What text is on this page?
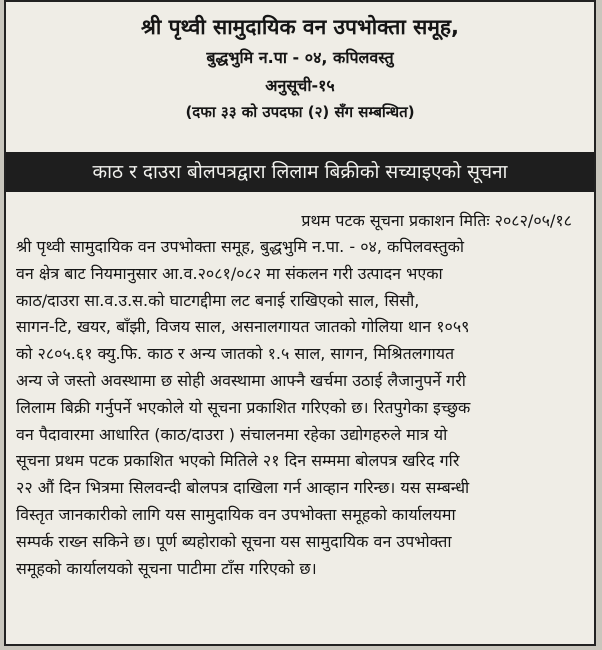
श्री पृथ्वी सामुदायिक वन उपभोक्ता समूह,
बुद्धभुमि न.पा - ०४, कपिलवस्तु
अनुसूची-१५
(दफा ३३ को उपदफा (२) सँग सम्बन्धित)
काठ र दाउरा बोलपत्रद्वारा लिलाम बिक्रीको सच्याइएको सूचना
प्रथम पटक सूचना प्रकाशन मितिः २०८२/०५/१८
श्री पृथ्वी सामुदायिक वन उपभोक्ता समूह, बुद्धभुमि न.पा. - ०४, कपिलवस्तुको
वन क्षेत्र बाट नियमानुसार आ.व.२०८१/०८२ मा संकलन गरी उत्पादन भएका
काठ/दाउरा सा.व.उ.स.को घाटगद्दीमा लट बनाई राखिएको साल, सिसौ,
सागन-टि, खयर, बाँझी, विजय साल, असनालगायत जातको गोलिया थान १०५९
को २८०५.६१ क्यु.फि. काठ र अन्य जातको १.५ साल, सागन, मिश्रितलगायत
अन्य जे जस्तो अवस्थामा छ सोही अवस्थामा आफ्नै खर्चमा उठाई लैजानुपर्ने गरी
लिलाम बिक्री गर्नुपर्ने भएकोले यो सूचना प्रकाशित गरिएको छ। रितपुगेका इच्छुक
वन पैदावारमा आधारित (काठ/दाउरा ) संचालनमा रहेका उद्योगहरुले मात्र यो
सूचना प्रथम पटक प्रकाशित भएको मितिले २१ दिन सम्ममा बोलपत्र खरिद गरि
२२ औं दिन भित्रमा सिलवन्दी बोलपत्र दाखिला गर्न आव्हान गरिन्छ। यस सम्बन्धी
विस्तृत जानकारीको लागि यस सामुदायिक वन उपभोक्ता समूहको कार्यालयमा
सम्पर्क राख्न सकिने छ। पूर्ण ब्यहोराको सूचना यस सामुदायिक वन उपभोक्ता
समूहको कार्यालयको सूचना पाटीमा टाँस गरिएको छ।
